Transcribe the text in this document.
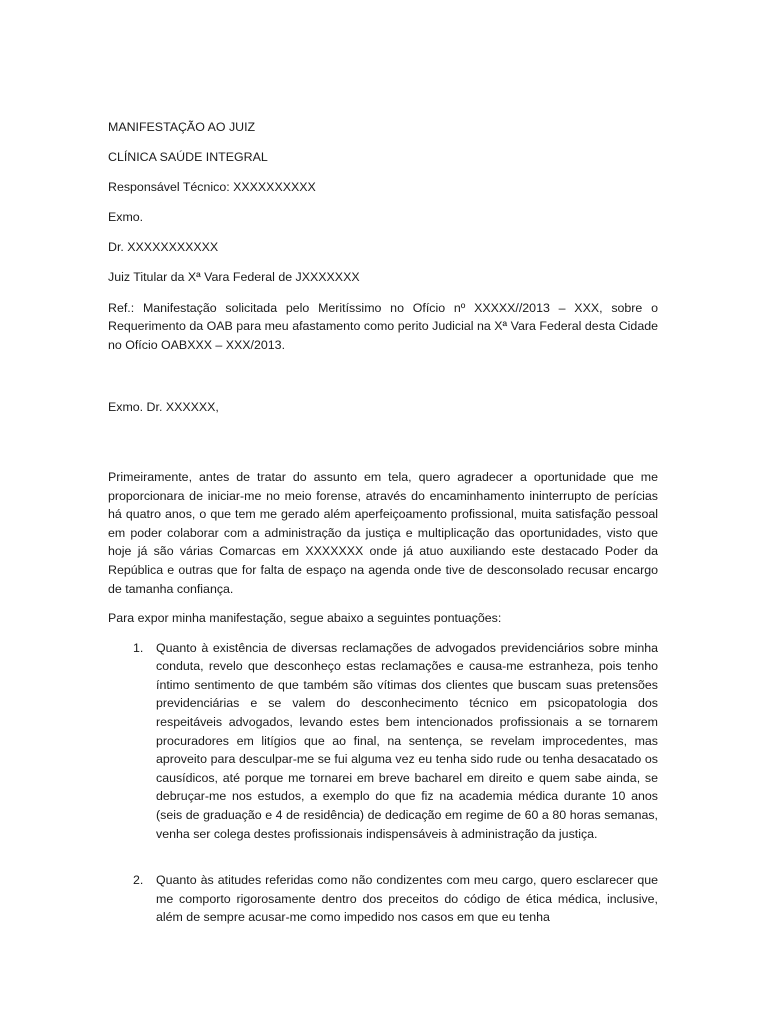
MANIFESTAÇÃO AO JUIZ

CLÍNICA SAÚDE INTEGRAL

Responsável Técnico: XXXXXXXXXX

Exmo.

Dr. XXXXXXXXXXX

Juiz Titular da Xª Vara Federal de JXXXXXXX

Ref.: Manifestação solicitada pelo Meritíssimo no Ofício nº XXXXX//2013 – XXX, sobre o Requerimento da OAB para meu afastamento como perito Judicial na Xª Vara Federal desta Cidade no Ofício OABXXX – XXX/2013.

Exmo. Dr. XXXXXX,

Primeiramente, antes de tratar do assunto em tela, quero agradecer a oportunidade que me proporcionara de iniciar-me no meio forense, através do encaminhamento ininterrupto de perícias há quatro anos, o que tem me gerado além aperfeiçoamento profissional, muita satisfação pessoal em poder colaborar com a administração da justiça e multiplicação das oportunidades, visto que hoje já são várias Comarcas em XXXXXXX onde já atuo auxiliando este destacado Poder da República e outras que for falta de espaço na agenda onde tive de desconsolado recusar encargo de tamanha confiança.

Para expor minha manifestação, segue abaixo a seguintes pontuações:

1. Quanto à existência de diversas reclamações de advogados previdenciários sobre minha conduta, revelo que desconheço estas reclamações e causa-me estranheza, pois tenho íntimo sentimento de que também são vítimas dos clientes que buscam suas pretensões previdenciárias e se valem do desconhecimento técnico em psicopatologia dos respeitáveis advogados, levando estes bem intencionados profissionais a se tornarem procuradores em litígios que ao final, na sentença, se revelam improcedentes, mas aproveito para desculpar-me se fui alguma vez eu tenha sido rude ou tenha desacatado os causídicos, até porque me tornarei em breve bacharel em direito e quem sabe ainda, se debruçar-me nos estudos, a exemplo do que fiz na academia médica durante 10 anos (seis de graduação e 4 de residência) de dedicação em regime de 60 a 80 horas semanas, venha ser colega destes profissionais indispensáveis à administração da justiça.
2. Quanto às atitudes referidas como não condizentes com meu cargo, quero esclarecer que me comporto rigorosamente dentro dos preceitos do código de ética médica, inclusive, além de sempre acusar-me como impedido nos casos em que eu tenha
